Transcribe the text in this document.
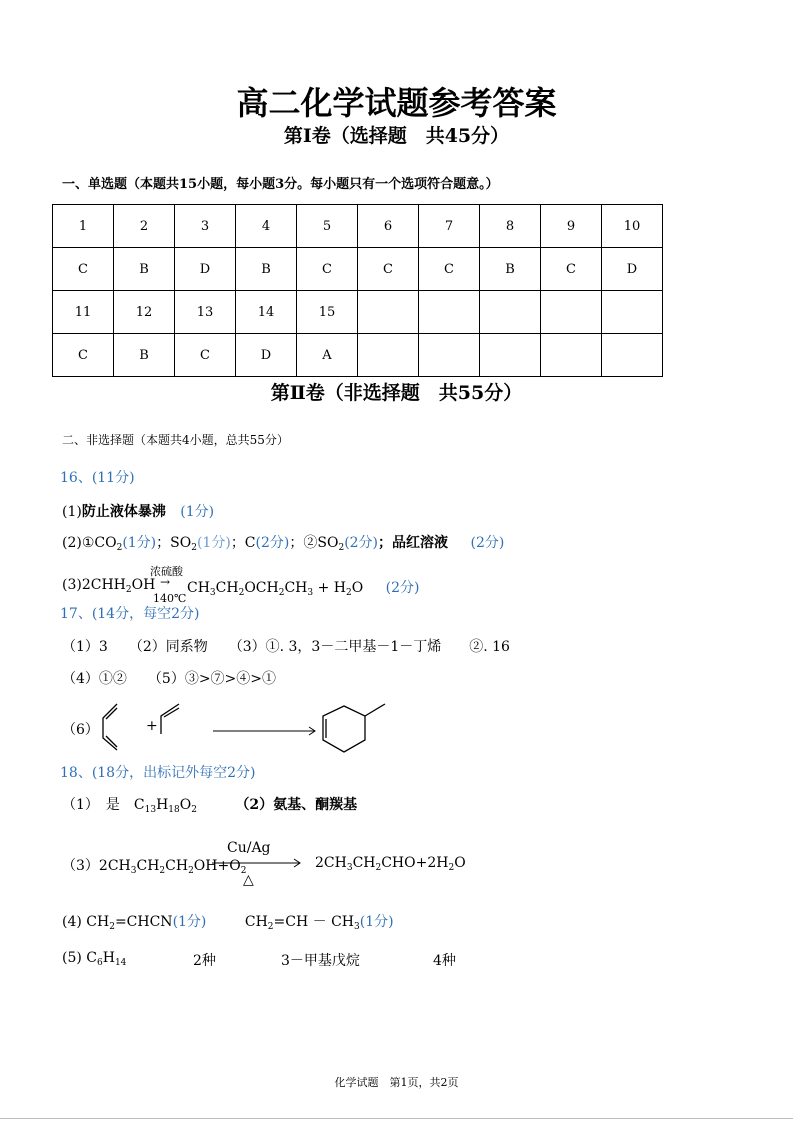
高二化学试题参考答案
第Ⅰ卷（选择题　共45分）
一、单选题（本题共15小题，每小题3分。每小题只有一个选项符合题意。）
1	2	3	4	5	6	7	8	9	10
C	B	D	B	C	C	C	B	C	D
11	12	13	14	15					
C	B	C	D	A					
第Ⅱ卷（非选择题　共55分）
二、非选择题（本题共4小题，总共55分）
16、(11分)
(1)防止液体暴沸 (1分)
$(2)①CO_2(1$分)；$SO_2(1$分)；C(2分)；$②SO_2(2$分)；品红溶液 (2分)
$(3)2CHH_2OH$
浓硫酸
→
140℃
$CH_3CH_2OCH_2CH_3 + H_2O$ (2分)
17、(14分，每空2分)
（1）3　　（2）同系物　　（3）①. 3，3－二甲基－1－丁烯　　②. 16
（4）①②　　（5）③>⑦>④>①
（6）	+
18、(18分，出标记外每空2分)
（1）　是　$C_{13}H_{18}O_2$	（2）氨基、酮羰基
$(3)2CH_3CH_2CH_2OH+O_2$
Cu/Ag
△
$2CH_3CH_2CHO+2H_2O$
(4) $CH_2=CHCN(1$分)	$CH_2=CH - CH_3(1$分)
(5) $C_6H_{14}$	2种	3－甲基戊烷	4种
化学试题　第1页，共2页
